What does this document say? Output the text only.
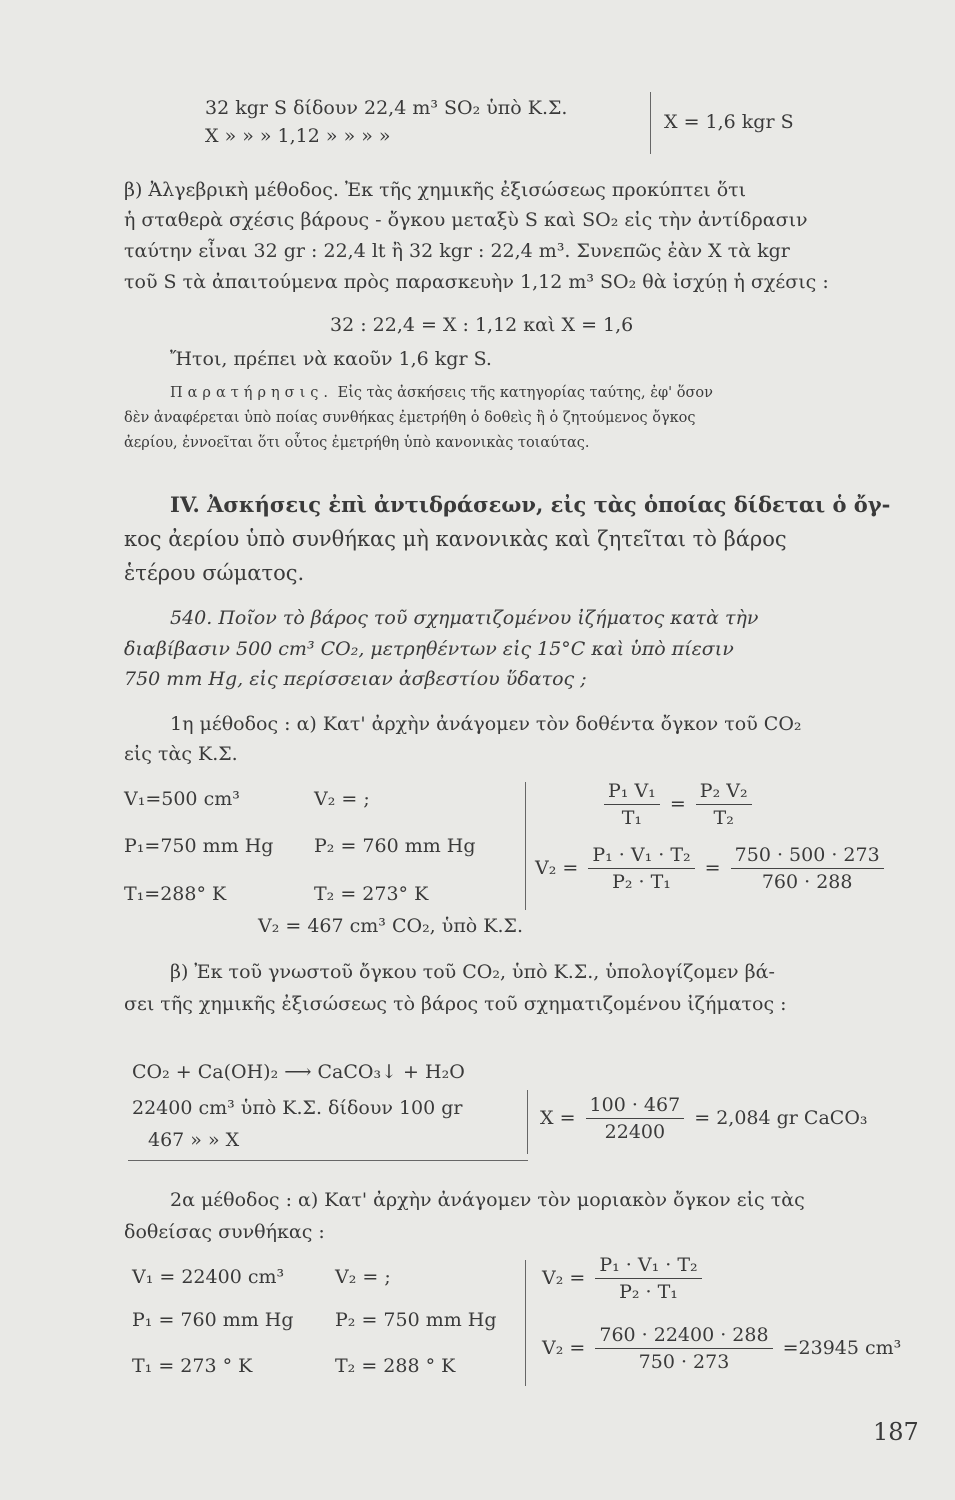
32 kgr S δίδουν 22,4 m³ SO₂ ὑπὸ Κ.Σ.
X » » » 1,12 » » » »
X = 1,6 kgr S
β) Ἀλγεβρικὴ μέθοδος. Ἐκ τῆς χημικῆς ἐξισώσεως προκύπτει ὅτι
ἡ σταθερὰ σχέσις βάρους - ὄγκου μεταξὺ S καὶ SO₂ εἰς τὴν ἀντίδρασιν
ταύτην εἶναι 32 gr : 22,4 lt ἢ 32 kgr : 22,4 m³. Συνεπῶς ἐὰν X τὰ kgr
τοῦ S τὰ ἀπαιτούμενα πρὸς παρασκευὴν 1,12 m³ SO₂ θὰ ἰσχύῃ ἡ σχέσις :
32 : 22,4 = X : 1,12 καὶ X = 1,6
Ἤτοι, πρέπει νὰ καοῦν 1,6 kgr S.
Παρατήρησις. Εἰς τὰς ἀσκήσεις τῆς κατηγορίας ταύτης, ἐφ' ὅσον
δὲν ἀναφέρεται ὑπὸ ποίας συνθήκας ἐμετρήθη ὁ δοθεὶς ἢ ὁ ζητούμενος ὄγκος
ἀερίου, ἐννοεῖται ὅτι οὗτος ἐμετρήθη ὑπὸ κανονικὰς τοιαύτας.
IV. Ἀσκήσεις ἐπὶ ἀντιδράσεων, εἰς τὰς ὁποίας δίδεται ὁ ὄγ-
κος ἀερίου ὑπὸ συνθήκας μὴ κανονικὰς καὶ ζητεῖται τὸ βάρος
ἑτέρου σώματος.
540. Ποῖον τὸ βάρος τοῦ σχηματιζομένου ἰζήματος κατὰ τὴν
διαβίβασιν 500 cm³ CO₂, μετρηθέντων εἰς 15°C καὶ ὑπὸ πίεσιν
750 mm Hg, εἰς περίσσειαν ἀσβεστίου ὕδατος ;
1η μέθοδος : α) Κατ' ἀρχὴν ἀνάγομεν τὸν δοθέντα ὄγκον τοῦ CO₂
εἰς τὰς Κ.Σ.
V₁=500 cm³	V₂ = ;
P₁=750 mm Hg P₂ = 760 mm Hg
T₁=288° K	T₂ = 273° K
$\frac{\text{P₁ V₁}}{\text{T₁}} = \frac{\text{P₂ V₂}}{\text{T₂}}$
$V_2 = \frac{\text{P₁ · V₁ · T₂}}{\text{P₂ · T₁}} = \frac{750 \cdot 500 \cdot 273}{760 \cdot 288}$
V₂ = 467 cm³ CO₂, ὑπὸ Κ.Σ.
β) Ἐκ τοῦ γνωστοῦ ὄγκου τοῦ CO₂, ὑπὸ Κ.Σ., ὑπολογίζομεν βά-
σει τῆς χημικῆς ἐξισώσεως τὸ βάρος τοῦ σχηματιζομένου ἰζήματος :
CO₂ + Ca(OH)₂ ⟶ CaCO₃↓ + H₂O
22400 cm³ ὑπὸ Κ.Σ. δίδουν 100 gr
467 » » X
$X = \frac{100 \cdot 467}{22400} = 2,084$ gr CaCO₃
2α μέθοδος : α) Κατ' ἀρχὴν ἀνάγομεν τὸν μοριακὸν ὄγκον εἰς τὰς
δοθείσας συνθήκας :
V₁ = 22400 cm³	V₂ = ;
P₁ = 760 mm Hg P₂ = 750 mm Hg
T₁ = 273 ° K	T₂ = 288 ° K
$V_2 = \frac{\text{P₁ · V₁ · T₂}}{\text{P₂ · T₁}}$
$V_2 = \frac{760 \cdot 22400 \cdot 288}{750 \cdot 273} =23945$ cm³
187
